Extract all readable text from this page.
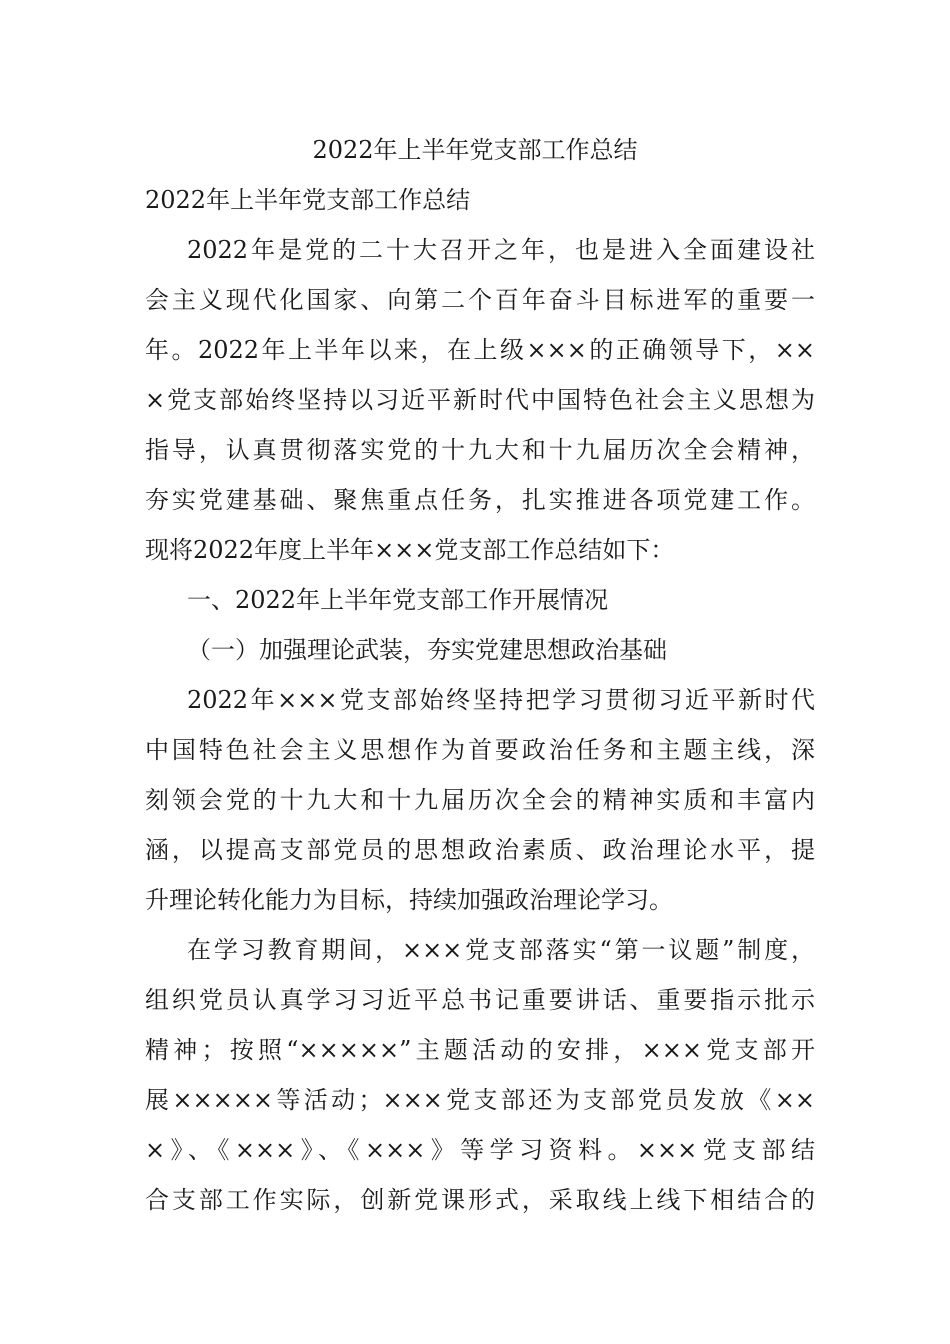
2022年上半年党支部工作总结
2022年上半年党支部工作总结
2022年是党的二十大召开之年，也是进入全面建设社
会主义现代化国家、向第二个百年奋斗目标进军的重要一
年。2022年上半年以来，在上级×××的正确领导下，××
×党支部始终坚持以习近平新时代中国特色社会主义思想为
指导，认真贯彻落实党的十九大和十九届历次全会精神，
夯实党建基础、聚焦重点任务，扎实推进各项党建工作。
现将2022年度上半年×××党支部工作总结如下：
一、2022年上半年党支部工作开展情况
（一）加强理论武装，夯实党建思想政治基础
2022年×××党支部始终坚持把学习贯彻习近平新时代
中国特色社会主义思想作为首要政治任务和主题主线，深
刻领会党的十九大和十九届历次全会的精神实质和丰富内
涵，以提高支部党员的思想政治素质、政治理论水平，提
升理论转化能力为目标，持续加强政治理论学习。
在学习教育期间，×××党支部落实“第一议题”制度，
组织党员认真学习习近平总书记重要讲话、重要指示批示
精神；按照“×××××”主题活动的安排，×××党支部开
展×××××等活动；×××党支部还为支部党员发放《××
×》、《×××》、《×××》等学习资料。×××党支部结
合支部工作实际，创新党课形式，采取线上线下相结合的
